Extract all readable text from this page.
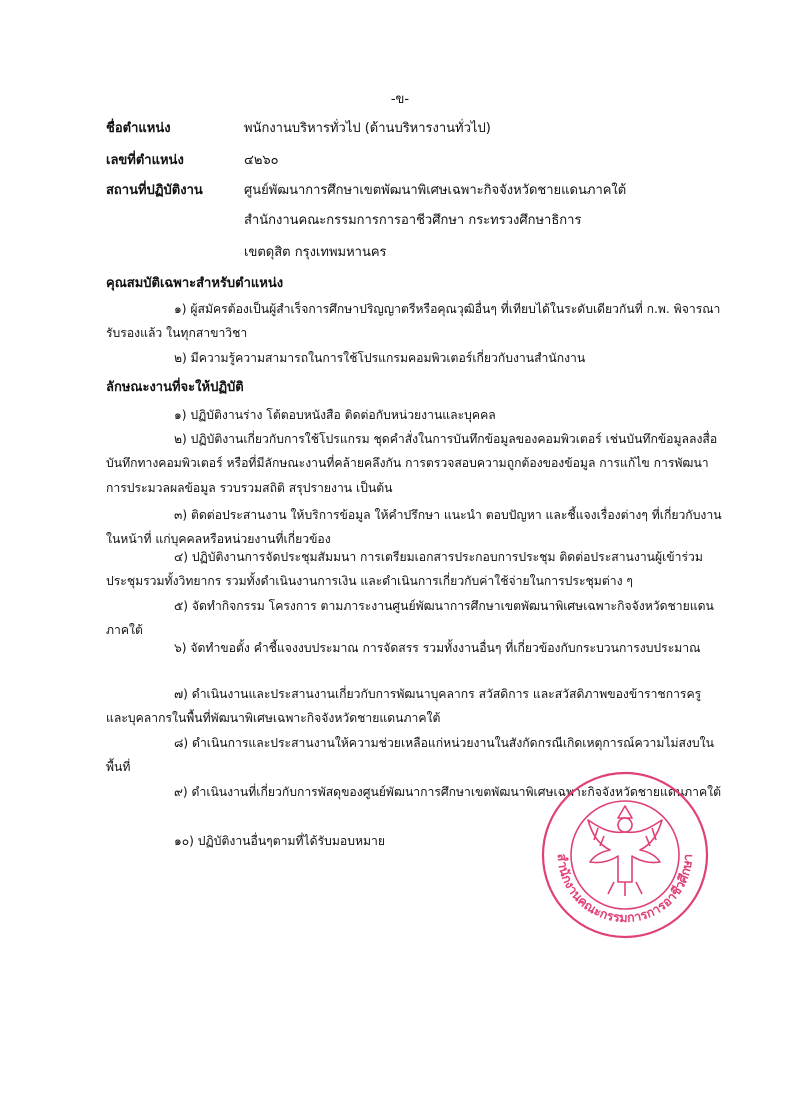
-ข-
ชื่อตำแหน่ง	พนักงานบริหารทั่วไป (ด้านบริหารงานทั่วไป)
เลขที่ตำแหน่ง	๔๒๖๐
สถานที่ปฏิบัติงาน	ศูนย์พัฒนาการศึกษาเขตพัฒนาพิเศษเฉพาะกิจจังหวัดชายแดนภาคใต้
สำนักงานคณะกรรมการการอาชีวศึกษา กระทรวงศึกษาธิการ
เขตดุสิต กรุงเทพมหานคร
คุณสมบัติเฉพาะสำหรับตำแหน่ง
๑) ผู้สมัครต้องเป็นผู้สำเร็จการศึกษาปริญญาตรีหรือคุณวุฒิอื่นๆ ที่เทียบได้ในระดับเดียวกันที่ ก.พ. พิจารณารับรองแล้ว ในทุกสาขาวิชา
๒) มีความรู้ความสามารถในการใช้โปรแกรมคอมพิวเตอร์เกี่ยวกับงานสำนักงาน
ลักษณะงานที่จะให้ปฏิบัติ
๑) ปฏิบัติงานร่าง โต้ตอบหนังสือ ติดต่อกับหน่วยงานและบุคคล
๒) ปฏิบัติงานเกี่ยวกับการใช้โปรแกรม ชุดคำสั่งในการบันทึกข้อมูลของคอมพิวเตอร์ เช่นบันทึกข้อมูลลงสื่อ บันทึกทางคอมพิวเตอร์ หรือที่มีลักษณะงานที่คล้ายคลึงกัน การตรวจสอบความถูกต้องของข้อมูล การแก้ไข การพัฒนา การประมวลผลข้อมูล รวบรวมสถิติ สรุปรายงาน เป็นต้น
๓) ติดต่อประสานงาน ให้บริการข้อมูล ให้คำปรึกษา แนะนำ ตอบปัญหา และชี้แจงเรื่องต่างๆ ที่เกี่ยวกับงานในหน้าที่ แก่บุคคลหรือหน่วยงานที่เกี่ยวข้อง
๔) ปฏิบัติงานการจัดประชุมสัมมนา การเตรียมเอกสารประกอบการประชุม ติดต่อประสานงานผู้เข้าร่วมประชุมรวมทั้งวิทยากร รวมทั้งดำเนินงานการเงิน และดำเนินการเกี่ยวกับค่าใช้จ่ายในการประชุมต่าง ๆ
๕) จัดทำกิจกรรม โครงการ ตามภาระงานศูนย์พัฒนาการศึกษาเขตพัฒนาพิเศษเฉพาะกิจจังหวัดชายแดนภาคใต้
๖) จัดทำขอตั้ง คำชี้แจงงบประมาณ การจัดสรร รวมทั้งงานอื่นๆ ที่เกี่ยวข้องกับกระบวนการงบประมาณ
๗) ดำเนินงานและประสานงานเกี่ยวกับการพัฒนาบุคลากร สวัสดิการ และสวัสดิภาพของข้าราชการครู และบุคลากรในพื้นที่พัฒนาพิเศษเฉพาะกิจจังหวัดชายแดนภาคใต้
๘) ดำเนินการและประสานงานให้ความช่วยเหลือแก่หน่วยงานในสังกัดกรณีเกิดเหตุการณ์ความไม่สงบในพื้นที่
๙) ดำเนินงานที่เกี่ยวกับการพัสดุของศูนย์พัฒนาการศึกษาเขตพัฒนาพิเศษเฉพาะกิจจังหวัดชายแดนภาคใต้
๑๐) ปฏิบัติงานอื่นๆตามที่ได้รับมอบหมาย
สำนักงานคณะกรรมการการอาชีวศึกษา
